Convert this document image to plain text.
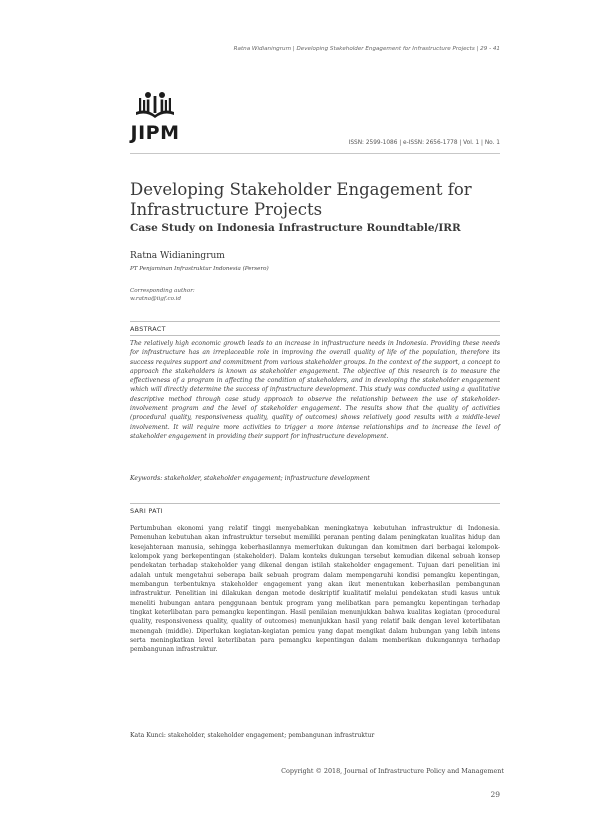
Ratna Widianingrum | Developing Stakeholder Engagement for Infrastructure Projects | 29 - 41
JIPM	ISSN: 2599-1086 | e-ISSN: 2656-1778 | Vol. 1 | No. 1
Developing Stakeholder Engagement for Infrastructure Projects
Case Study on Indonesia Infrastructure Roundtable/IRR
Ratna Widianingrum
PT Penjaminan Infrastruktur Indonesia (Persero)
Corresponding author:
w.ratna@iigf.co.id
ABSTRACT
The relatively high economic growth leads to an increase in infrastructure needs in Indonesia. Providing these needs for infrastructure has an irreplaceable role in improving the overall quality of life of the population, therefore its success requires support and commitment from various stakeholder groups. In the context of the support, a concept to approach the stakeholders is known as stakeholder engagement. The objective of this research is to measure the effectiveness of a program in affecting the condition of stakeholders, and in developing the stakeholder engagement which will directly determine the success of infrastructure development. This study was conducted using a qualitative descriptive method through case study approach to observe the relationship between the use of stakeholder-involvement program and the level of stakeholder engagement. The results show that the quality of activities (procedural quality, responsiveness quality, quality of outcomes) shows relatively good results with a middle-level involvement. It will require more activities to trigger a more intense relationships and to increase the level of stakeholder engagement in providing their support for infrastructure development.
Keywords: stakeholder, stakeholder engagement; infrastructure development
SARI PATI
Pertumbuhan ekonomi yang relatif tinggi menyebabkan meningkatnya kebutuhan infrastruktur di Indonesia. Pemenuhan kebutuhan akan infrastruktur tersebut memiliki peranan penting dalam peningkatan kualitas hidup dan kesejahteraan manusia, sehingga keberhasilannya memerlukan dukungan dan komitmen dari berbagai kelompok-kelompok yang berkepentingan (stakeholder). Dalam konteks dukungan tersebut kemudian dikenal sebuah konsep pendekatan terhadap stakeholder yang dikenal dengan istilah stakeholder engagement. Tujuan dari penelitian ini adalah untuk mengetahui seberapa baik sebuah program dalam mempengaruhi kondisi pemangku kepentingan, membangun terbentuknya stakeholder engagement yang akan ikut menentukan keberhasilan pembangunan infrastruktur. Penelitian ini dilakukan dengan metode deskriptif kualitatif melalui pendekatan studi kasus untuk meneliti hubungan antara penggunaan bentuk program yang melibatkan para pemangku kepentingan terhadap tingkat keterlibatan para pemangku kepentingan. Hasil penilaian menunjukkan bahwa kualitas kegiatan (procedural quality, responsiveness quality, quality of outcomes) menunjukkan hasil yang relatif baik dengan level keterlibatan menengah (middle). Diperlukan kegiatan-kegiatan pemicu yang dapat mengikat dalam hubungan yang lebih intens serta meningkatkan level keterlibatan para pemangku kepentingan dalam memberikan dukungannya terhadap pembangunan infrastruktur.
Kata Kunci: stakeholder, stakeholder engagement; pembangunan infrastruktur
Copyright © 2018, Journal of Infrastructure Policy and Management
29
